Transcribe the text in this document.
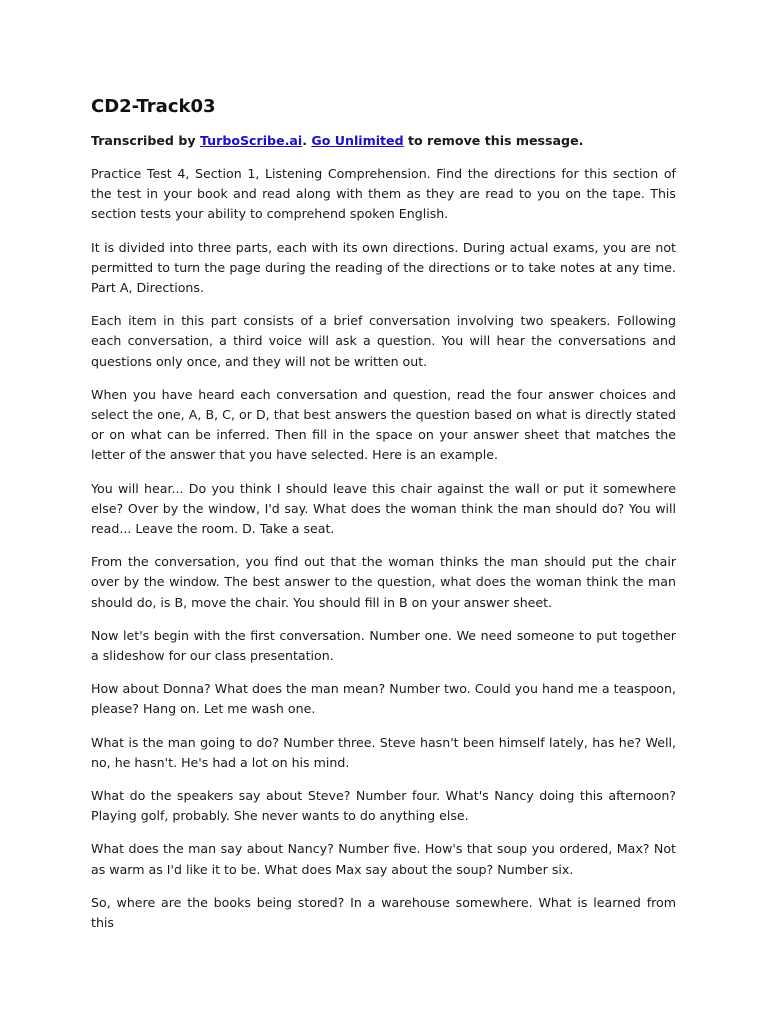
CD2-Track03
Transcribed by TurboScribe.ai. Go Unlimited to remove this message.

Practice Test 4, Section 1, Listening Comprehension. Find the directions for this section of the test in your book and read along with them as they are read to you on the tape. This section tests your ability to comprehend spoken English.

It is divided into three parts, each with its own directions. During actual exams, you are not permitted to turn the page during the reading of the directions or to take notes at any time. Part A, Directions.

Each item in this part consists of a brief conversation involving two speakers. Following each conversation, a third voice will ask a question. You will hear the conversations and questions only once, and they will not be written out.

When you have heard each conversation and question, read the four answer choices and select the one, A, B, C, or D, that best answers the question based on what is directly stated or on what can be inferred. Then fill in the space on your answer sheet that matches the letter of the answer that you have selected. Here is an example.

You will hear... Do you think I should leave this chair against the wall or put it somewhere else? Over by the window, I'd say. What does the woman think the man should do? You will read... Leave the room. D. Take a seat.

From the conversation, you find out that the woman thinks the man should put the chair over by the window. The best answer to the question, what does the woman think the man should do, is B, move the chair. You should fill in B on your answer sheet.

Now let's begin with the first conversation. Number one. We need someone to put together a slideshow for our class presentation.

How about Donna? What does the man mean? Number two. Could you hand me a teaspoon, please? Hang on. Let me wash one.

What is the man going to do? Number three. Steve hasn't been himself lately, has he? Well, no, he hasn't. He's had a lot on his mind.

What do the speakers say about Steve? Number four. What's Nancy doing this afternoon? Playing golf, probably. She never wants to do anything else.

What does the man say about Nancy? Number five. How's that soup you ordered, Max? Not as warm as I'd like it to be. What does Max say about the soup? Number six.

So, where are the books being stored? In a warehouse somewhere. What is learned from this
